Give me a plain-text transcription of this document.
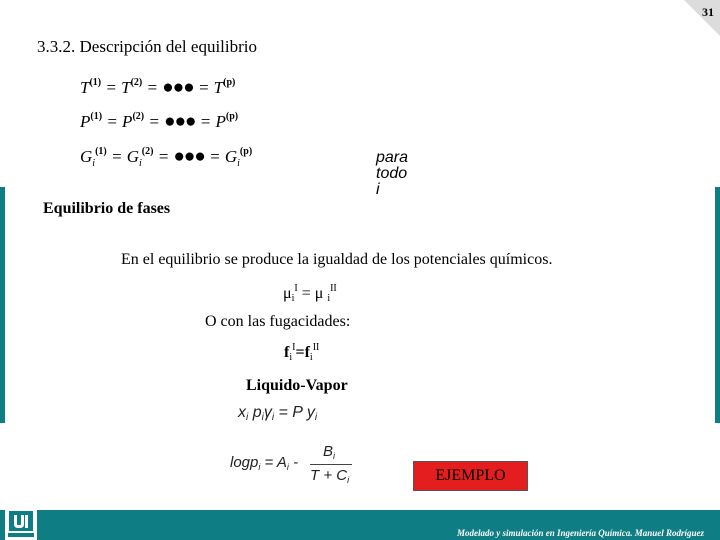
31
3.3.2. Descripción del equilibrio
$T^{(1)} = T^{(2)}$ = ●●● = $T^{(p)}$
$P^{(1)} = P^{(2)}$ = ●●● = $P^{(p)}$
$G_i^{(1)} = G_i^{(2)}$ = ●●● = $G_i^{(p)}$	para todo i
Equilibrio de fases
En el equilibrio se produce la igualdad de los potenciales químicos.
$\mu_i^I = \mu$ $_i^{II}$
O con las fugacidades:
$f_i^I=f_i^{II}$
Liquido-Vapor
$x_i$ $p_i\gamma_i = P$ $y_i$
$\log p_i = A_i$ -
$B_i$
$T + C_i$	EJEMPLO
Modelado y simulación en Ingeniería Química. Manuel Rodríguez
